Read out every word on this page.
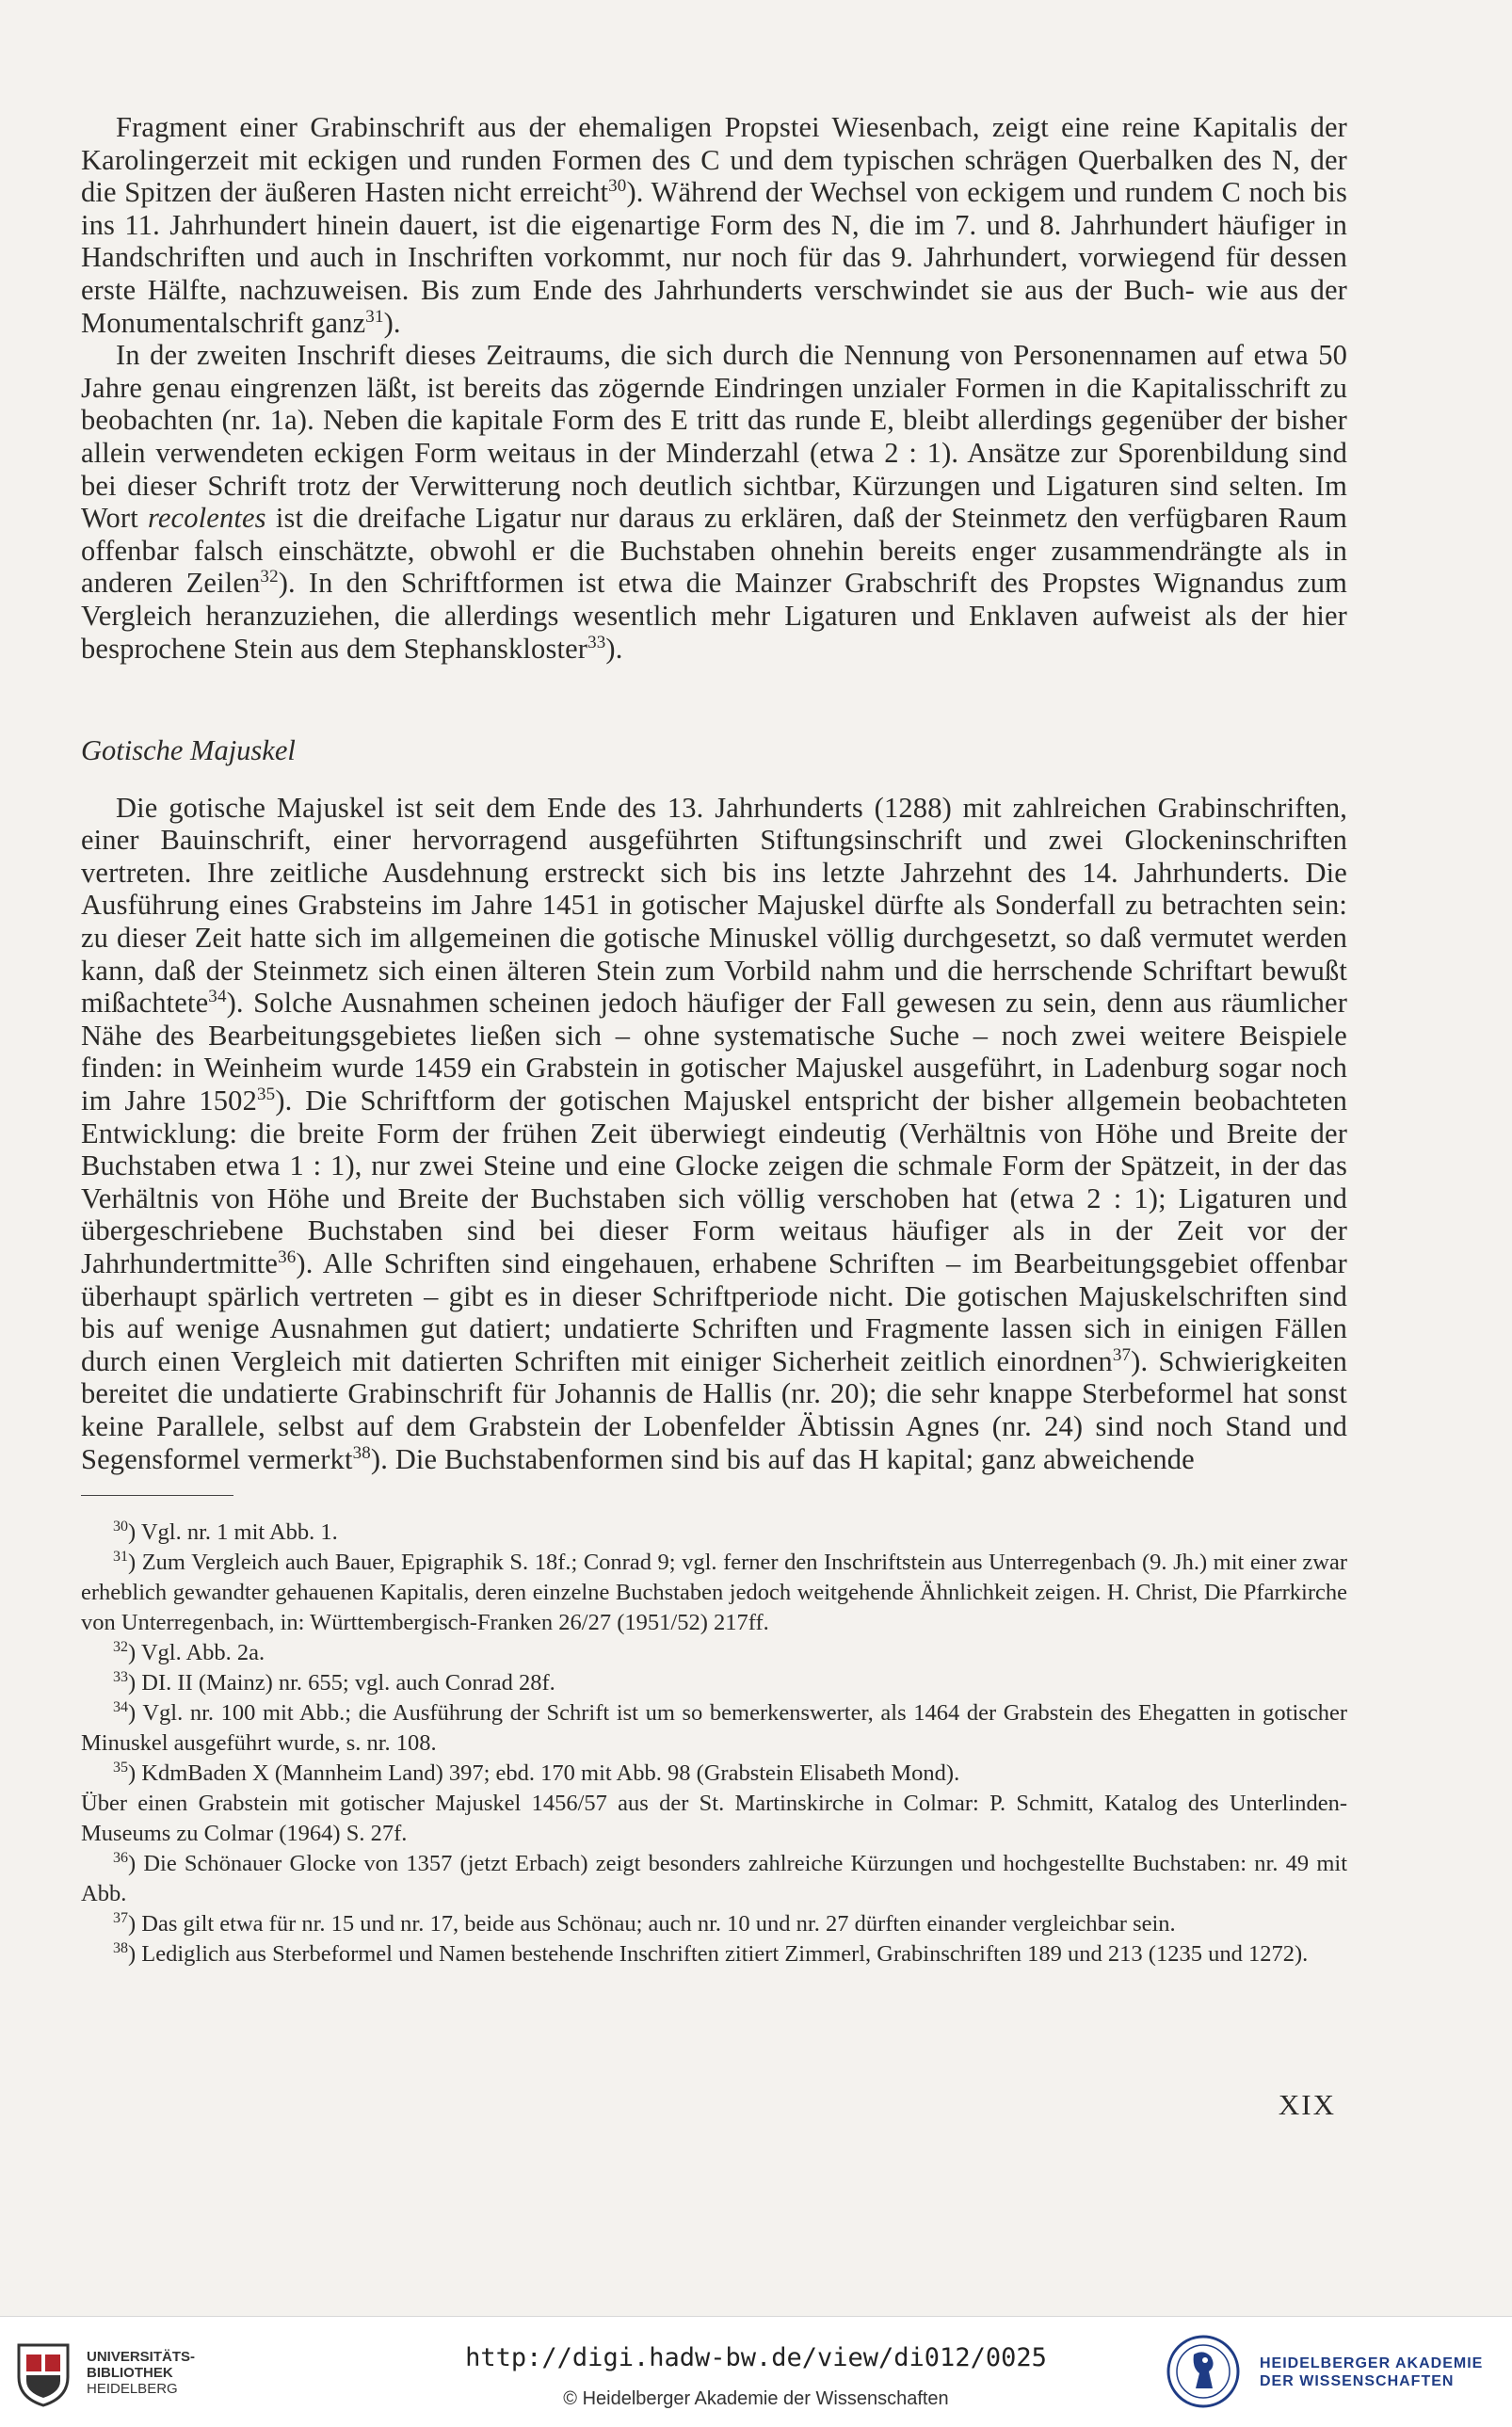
Fragment einer Grabinschrift aus der ehemaligen Propstei Wiesenbach, zeigt eine reine Kapitalis der Karolingerzeit mit eckigen und runden Formen des C und dem typischen schrägen Querbalken des N, der die Spitzen der äußeren Hasten nicht erreicht$^{30}$). Während der Wechsel von eckigem und rundem C noch bis ins 11. Jahrhundert hinein dauert, ist die eigenartige Form des N, die im 7. und 8. Jahrhundert häufiger in Handschriften und auch in Inschriften vorkommt, nur noch für das 9. Jahrhundert, vorwiegend für dessen erste Hälfte, nachzuweisen. Bis zum Ende des Jahrhunderts verschwindet sie aus der Buch- wie aus der Monumentalschrift ganz$^{31}$).

In der zweiten Inschrift dieses Zeitraums, die sich durch die Nennung von Personennamen auf etwa 50 Jahre genau eingrenzen läßt, ist bereits das zögernde Eindringen unzialer Formen in die Kapitalisschrift zu beobachten (nr. 1a). Neben die kapitale Form des E tritt das runde E, bleibt allerdings gegenüber der bisher allein verwendeten eckigen Form weitaus in der Minderzahl (etwa 2 : 1). Ansätze zur Sporenbildung sind bei dieser Schrift trotz der Verwitterung noch deutlich sichtbar, Kürzungen und Ligaturen sind selten. Im Wort recolentes ist die dreifache Ligatur nur daraus zu erklären, daß der Steinmetz den verfügbaren Raum offenbar falsch einschätzte, obwohl er die Buchstaben ohnehin bereits enger zusammendrängte als in anderen Zeilen$^{32}$). In den Schriftformen ist etwa die Mainzer Grabschrift des Propstes Wignandus zum Vergleich heranzuziehen, die allerdings wesentlich mehr Ligaturen und Enklaven aufweist als der hier besprochene Stein aus dem Stephanskloster$^{33}$).

Gotische Majuskel

Die gotische Majuskel ist seit dem Ende des 13. Jahrhunderts (1288) mit zahlreichen Grabinschriften, einer Bauinschrift, einer hervorragend ausgeführten Stiftungsinschrift und zwei Glockeninschriften vertreten. Ihre zeitliche Ausdehnung erstreckt sich bis ins letzte Jahrzehnt des 14. Jahrhunderts. Die Ausführung eines Grabsteins im Jahre 1451 in gotischer Majuskel dürfte als Sonderfall zu betrachten sein: zu dieser Zeit hatte sich im allgemeinen die gotische Minuskel völlig durchgesetzt, so daß vermutet werden kann, daß der Steinmetz sich einen älteren Stein zum Vorbild nahm und die herrschende Schriftart bewußt mißachtete$^{34}$). Solche Ausnahmen scheinen jedoch häufiger der Fall gewesen zu sein, denn aus räumlicher Nähe des Bearbeitungsgebietes ließen sich – ohne systematische Suche – noch zwei weitere Beispiele finden: in Weinheim wurde 1459 ein Grabstein in gotischer Majuskel ausgeführt, in Ladenburg sogar noch im Jahre 1502$^{35}$). Die Schriftform der gotischen Majuskel entspricht der bisher allgemein beobachteten Entwicklung: die breite Form der frühen Zeit überwiegt eindeutig (Verhältnis von Höhe und Breite der Buchstaben etwa 1 : 1), nur zwei Steine und eine Glocke zeigen die schmale Form der Spätzeit, in der das Verhältnis von Höhe und Breite der Buchstaben sich völlig verschoben hat (etwa 2 : 1); Ligaturen und übergeschriebene Buchstaben sind bei dieser Form weitaus häufiger als in der Zeit vor der Jahrhundertmitte$^{36}$). Alle Schriften sind eingehauen, erhabene Schriften – im Bearbeitungsgebiet offenbar überhaupt spärlich vertreten – gibt es in dieser Schriftperiode nicht. Die gotischen Majuskelschriften sind bis auf wenige Ausnahmen gut datiert; undatierte Schriften und Fragmente lassen sich in einigen Fällen durch einen Vergleich mit datierten Schriften mit einiger Sicherheit zeitlich einordnen$^{37}$). Schwierigkeiten bereitet die undatierte Grabinschrift für Johannis de Hallis (nr. 20); die sehr knappe Sterbeformel hat sonst keine Parallele, selbst auf dem Grabstein der Lobenfelder Äbtissin Agnes (nr. 24) sind noch Stand und Segensformel vermerkt$^{38}$). Die Buchstabenformen sind bis auf das H kapital; ganz abweichende

$^{30}$) Vgl. nr. 1 mit Abb. 1.

$^{31}$) Zum Vergleich auch Bauer, Epigraphik S. 18f.; Conrad 9; vgl. ferner den Inschriftstein aus Unterregenbach (9. Jh.) mit einer zwar erheblich gewandter gehauenen Kapitalis, deren einzelne Buchstaben jedoch weitgehende Ähnlichkeit zeigen. H. Christ, Die Pfarrkirche von Unterregenbach, in: Württembergisch-Franken 26/27 (1951/52) 217ff.

$^{32}$) Vgl. Abb. 2a.

$^{33}$) DI. II (Mainz) nr. 655; vgl. auch Conrad 28f.

$^{34}$) Vgl. nr. 100 mit Abb.; die Ausführung der Schrift ist um so bemerkenswerter, als 1464 der Grabstein des Ehegatten in gotischer Minuskel ausgeführt wurde, s. nr. 108.

$^{35}$) KdmBaden X (Mannheim Land) 397; ebd. 170 mit Abb. 98 (Grabstein Elisabeth Mond).

Über einen Grabstein mit gotischer Majuskel 1456/57 aus der St. Martinskirche in Colmar: P. Schmitt, Katalog des Unterlinden-Museums zu Colmar (1964) S. 27f.

$^{36}$) Die Schönauer Glocke von 1357 (jetzt Erbach) zeigt besonders zahlreiche Kürzungen und hochgestellte Buchstaben: nr. 49 mit Abb.

$^{37}$) Das gilt etwa für nr. 15 und nr. 17, beide aus Schönau; auch nr. 10 und nr. 27 dürften einander vergleichbar sein.

$^{38}$) Lediglich aus Sterbeformel und Namen bestehende Inschriften zitiert Zimmerl, Grabinschriften 189 und 213 (1235 und 1272).

XIX
UNIVERSITÄTS-
BIBLIOTHEK
HEIDELBERG
http://digi.hadw-bw.de/view/di012/0025
© Heidelberger Akademie der Wissenschaften
HEIDELBERGER AKADEMIE
DER WISSENSCHAFTEN
